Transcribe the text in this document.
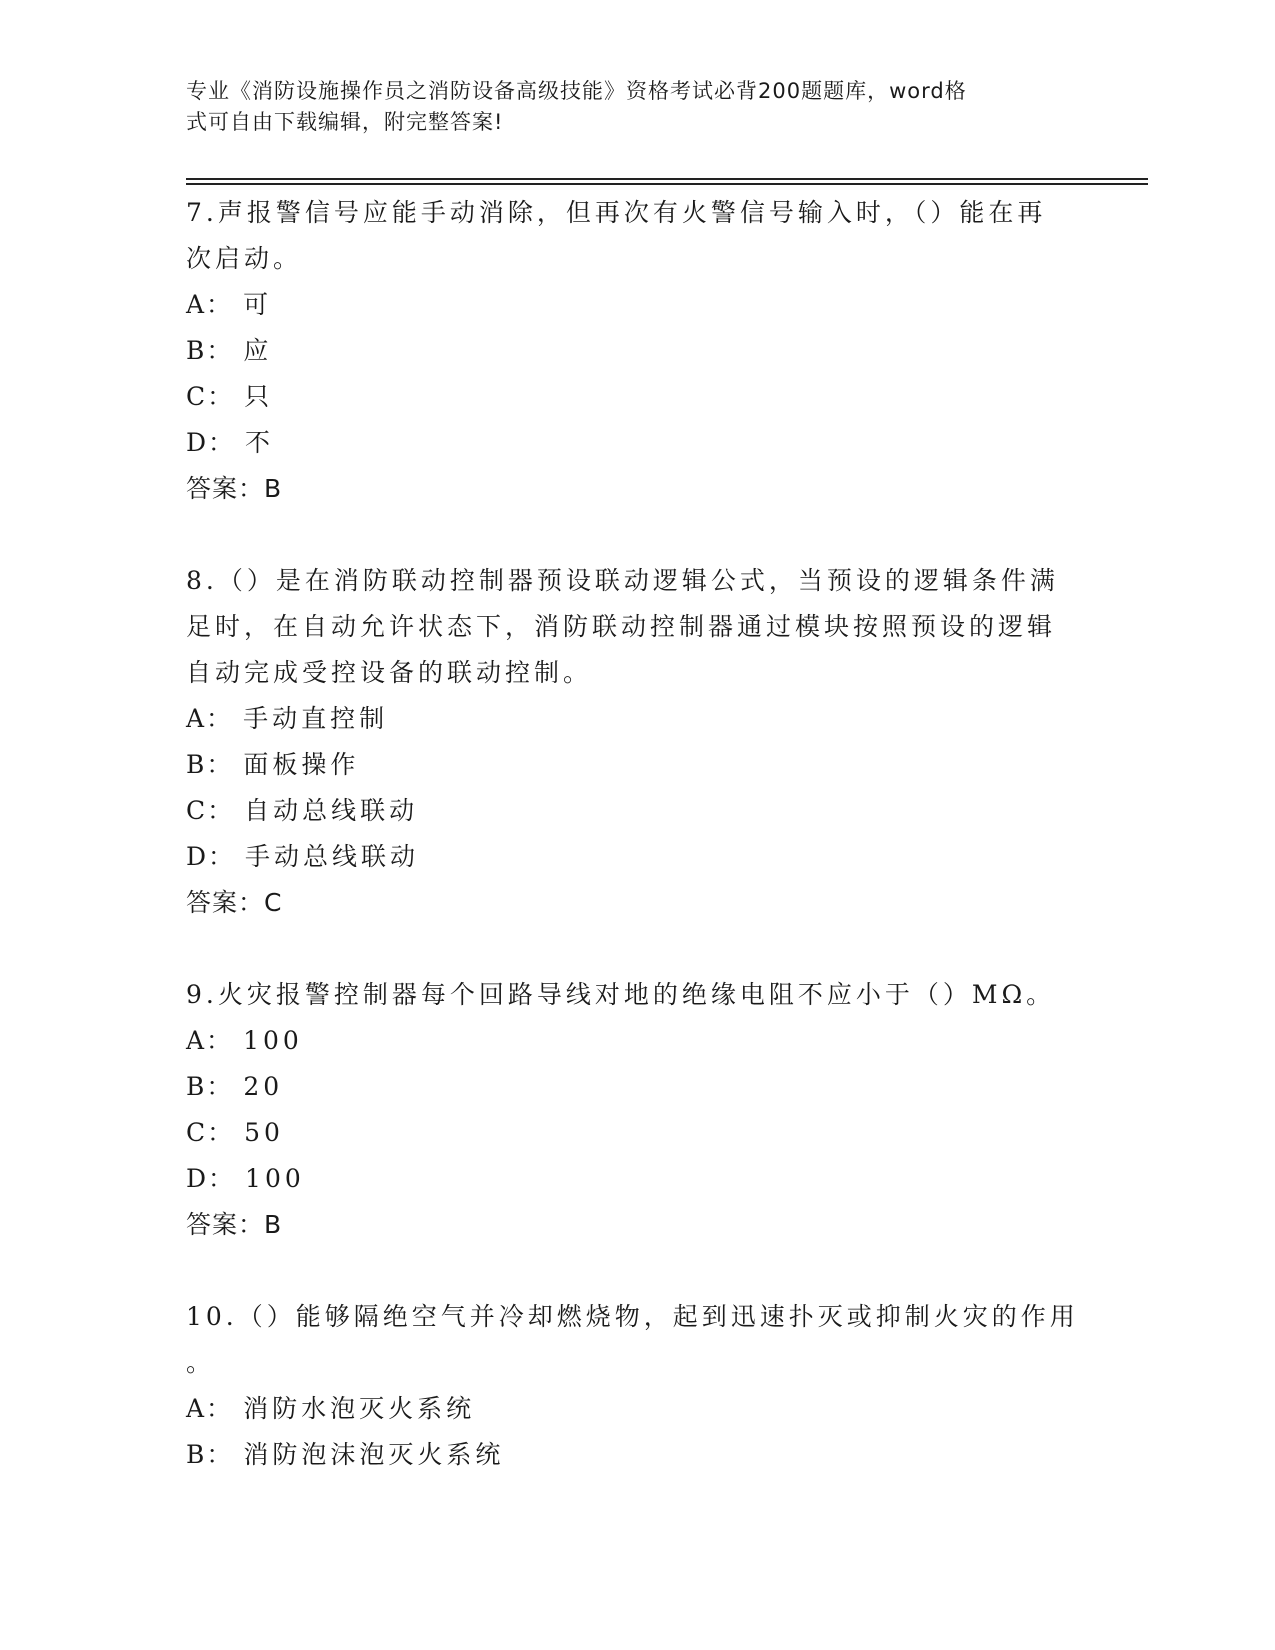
专业《消防设施操作员之消防设备高级技能》资格考试必背200题题库，word格
式可自由下载编辑，附完整答案!
7.声报警信号应能手动消除，但再次有火警信号输入时，（）能在再
次启动。
A： 可
B： 应
C： 只
D： 不
答案：B
8.（）是在消防联动控制器预设联动逻辑公式，当预设的逻辑条件满
足时，在自动允许状态下，消防联动控制器通过模块按照预设的逻辑
自动完成受控设备的联动控制。
A： 手动直控制
B： 面板操作
C： 自动总线联动
D： 手动总线联动
答案：C
9.火灾报警控制器每个回路导线对地的绝缘电阻不应小于（）MΩ。
A： 100
B： 20
C： 50
D： 100
答案：B
10.（）能够隔绝空气并冷却燃烧物，起到迅速扑灭或抑制火灾的作用
。
A： 消防水泡灭火系统
B： 消防泡沫泡灭火系统
